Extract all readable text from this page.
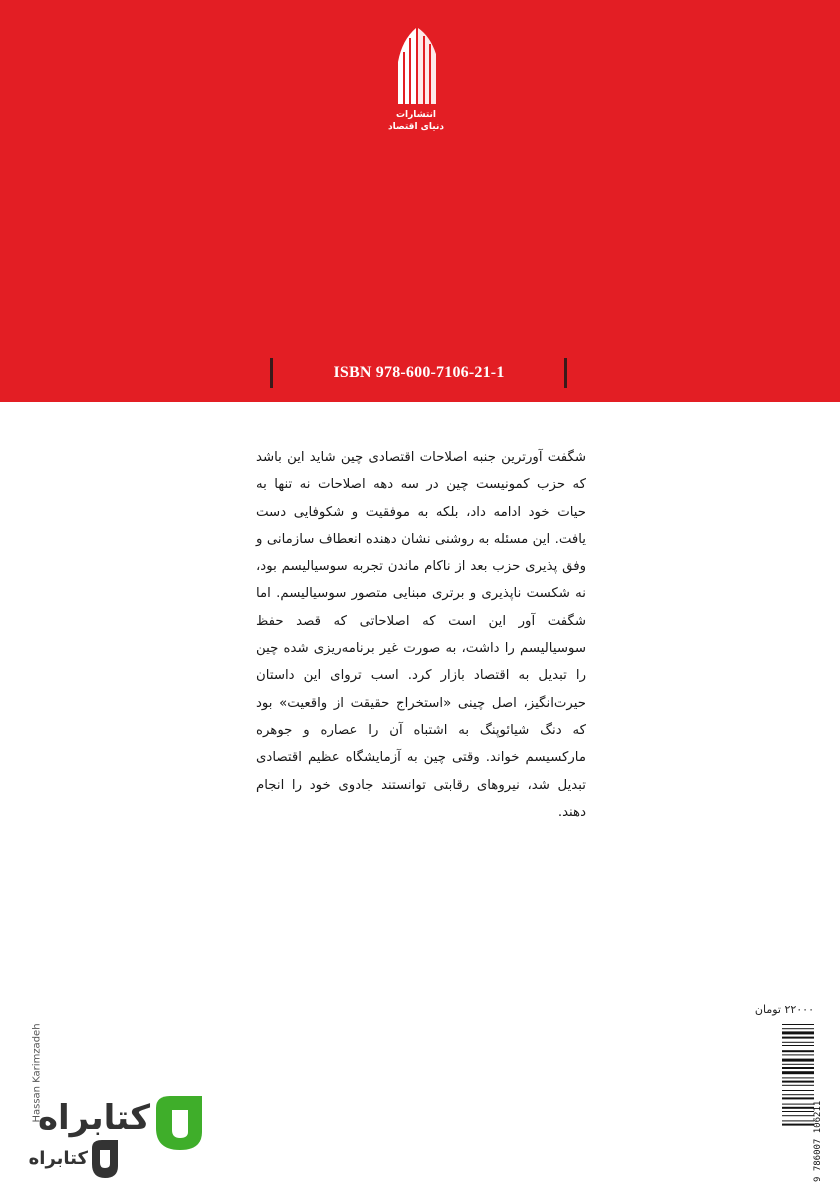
انتشارات
دنیای اقتصاد
ISBN 978-600-7106-21-1
شگفت آورترین جنبه اصلاحات اقتصادی چین شاید این باشد که حزب کمونیست چین در سه دهه اصلاحات نه تنها به حیات خود ادامه داد، بلکه به موفقیت و شکوفایی دست یافت. این مسئله به روشنی نشان دهنده انعطاف سازمانی و وفق پذیری حزب بعد از ناکام ماندن تجربه سوسیالیسم بود، نه شکست ناپذیری و برتری مبنایی متصور سوسیالیسم. اما شگفت آور این است که اصلاحاتی که قصد حفظ سوسیالیسم را داشت، به صورت غیر برنامه‌ریزی شده چین را تبدیل به اقتصاد بازار کرد. اسب تروای این داستان حیرت‌انگیز، اصل چینی «استخراج حقیقت از واقعیت» بود که دنگ شیائوپنگ به اشتباه آن را عصاره و جوهره مارکسیسم خواند. وقتی چین به آزمایشگاه عظیم اقتصادی تبدیل شد، نیروهای رقابتی توانستند جادوی خود را انجام دهند.
۲۲۰۰۰ تومان
9 786007 106211
Hassan Karimzadeh
کتابراه
کتابراه
